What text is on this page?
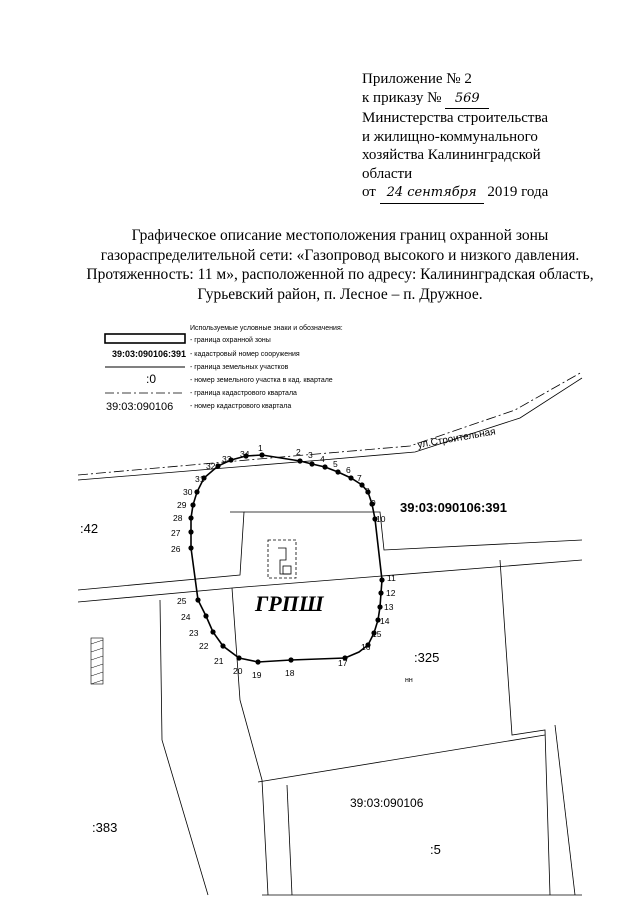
Приложение № 2
к приказу № 569
Министерства строительства
и жилищно-коммунального
хозяйства Калининградской
области
от 24 сентября 2019 года
Графическое описание местоположения границ охранной зоны
газораспределительной сети: «Газопровод высокого и низкого давления.
Протяженность: 11 м», расположенной по адресу: Калининградская область,
Гурьевский район, п. Лесное – п. Дружное.
Используемые условные знаки и обозначения:
- граница охранной зоны
39:03:090106:391 - кадастровый номер сооружения
- граница земельных участков
:0	- номер земельного участка в кад. квартале
- граница кадастрового квартала
39:03:090106 - номер кадастрового квартала
1	2 3 4 5
6
7
8
9
10
11
12
13
14
15
16
17
18
19
20
21
22
23
24
25
26
27
28
29
30
31
32
33 34
ул.Строительная
39:03:090106:391
ГРПШ
:42
:325
нн
:383
:5
39:03:090106
